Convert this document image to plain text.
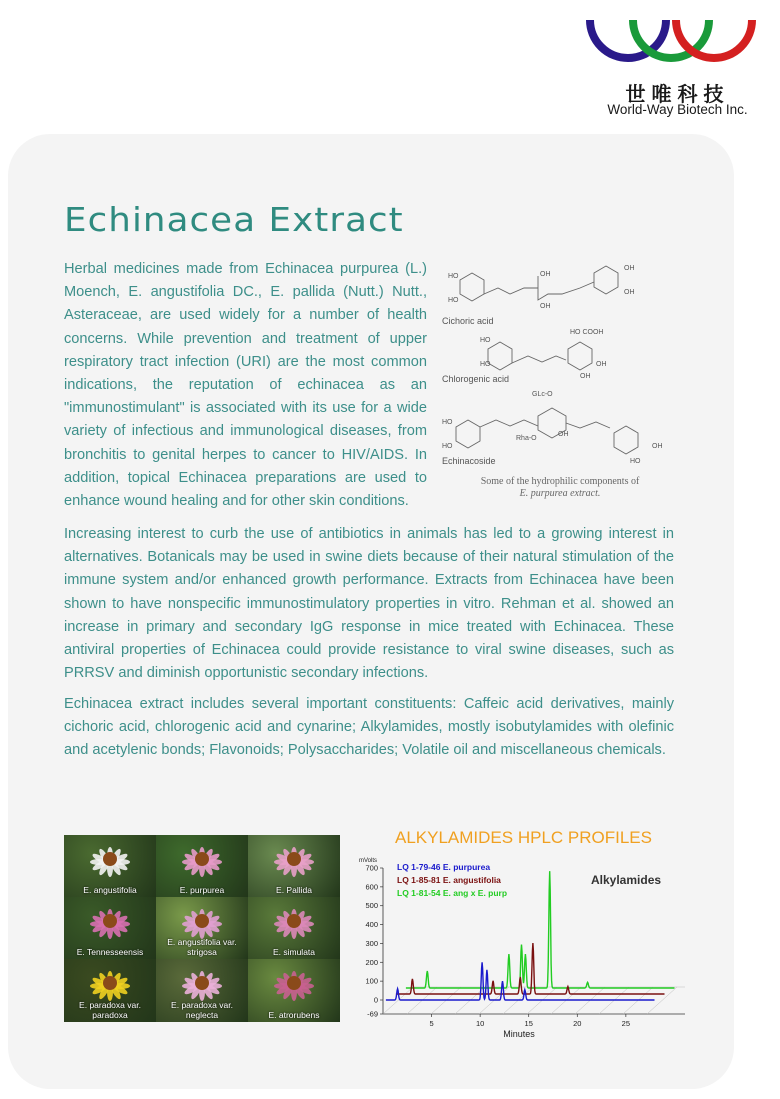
世唯科技
World-Way Biotech Inc.
Echinacea Extract

Herbal medicines made from Echinacea purpurea (L.) Moench, E. angustifolia DC., E. pallida (Nutt.) Nutt., Asteraceae, are used widely for a number of health concerns. While prevention and treatment of upper respiratory tract infection (URI) are the most common indications, the reputation of echinacea as an "immunostimulant" is associated with its use for a wide variety of infectious and immunological diseases, from bronchitis to genital herpes to cancer to HIV/AIDS. In addition, topical Echinacea preparations are used to enhance wound healing and for other skin conditions.

HO
HO
OH
OH
OH
OH
HO
HO
HO COOH
OH
OH
HO
HO
GLc-O
Rha-O
OH
HO
OH
Cichoric acid
Chlorogenic acid
Echinacoside
Some of the hydrophilic components of
E. purpurea extract.

Increasing interest to curb the use of antibiotics in animals has led to a growing interest in alternatives. Botanicals may be used in swine diets because of their natural stimulation of the immune system and/or enhanced growth performance. Extracts from Echinacea have been shown to have nonspecific immunostimulatory properties in vitro. Rehman et al. showed an increase in primary and secondary IgG response in mice treated with Echinacea. These antiviral properties of Echinacea could provide resistance to viral swine diseases, such as PRRSV and diminish opportunistic secondary infections.

Echinacea extract includes several important constituents: Caffeic acid derivatives, mainly cichoric acid, chlorogenic acid and cynarine; Alkylamides, mostly isobutylamides with olefinic and acetylenic bonds; Flavonoids; Polysaccharides; Volatile oil and miscellaneous chemicals.

E. angustifolia	E. purpurea	E. Pallida
E. Tennesseensis
E. angustifolia var. strigosa	E. simulata
E. paradoxa var. paradoxa
E. paradoxa var. neglecta	E. atrorubens
ALKYLAMIDES HPLC PROFILES
700
600
500
400
300
200
100
0
-69
mVolts
5	10	15	20	25
Minutes
LQ 1-79-46 E. purpurea
LQ 1-85-81 E. angustifolia
LQ 1-81-54 E. ang x E. purp
Alkylamides
